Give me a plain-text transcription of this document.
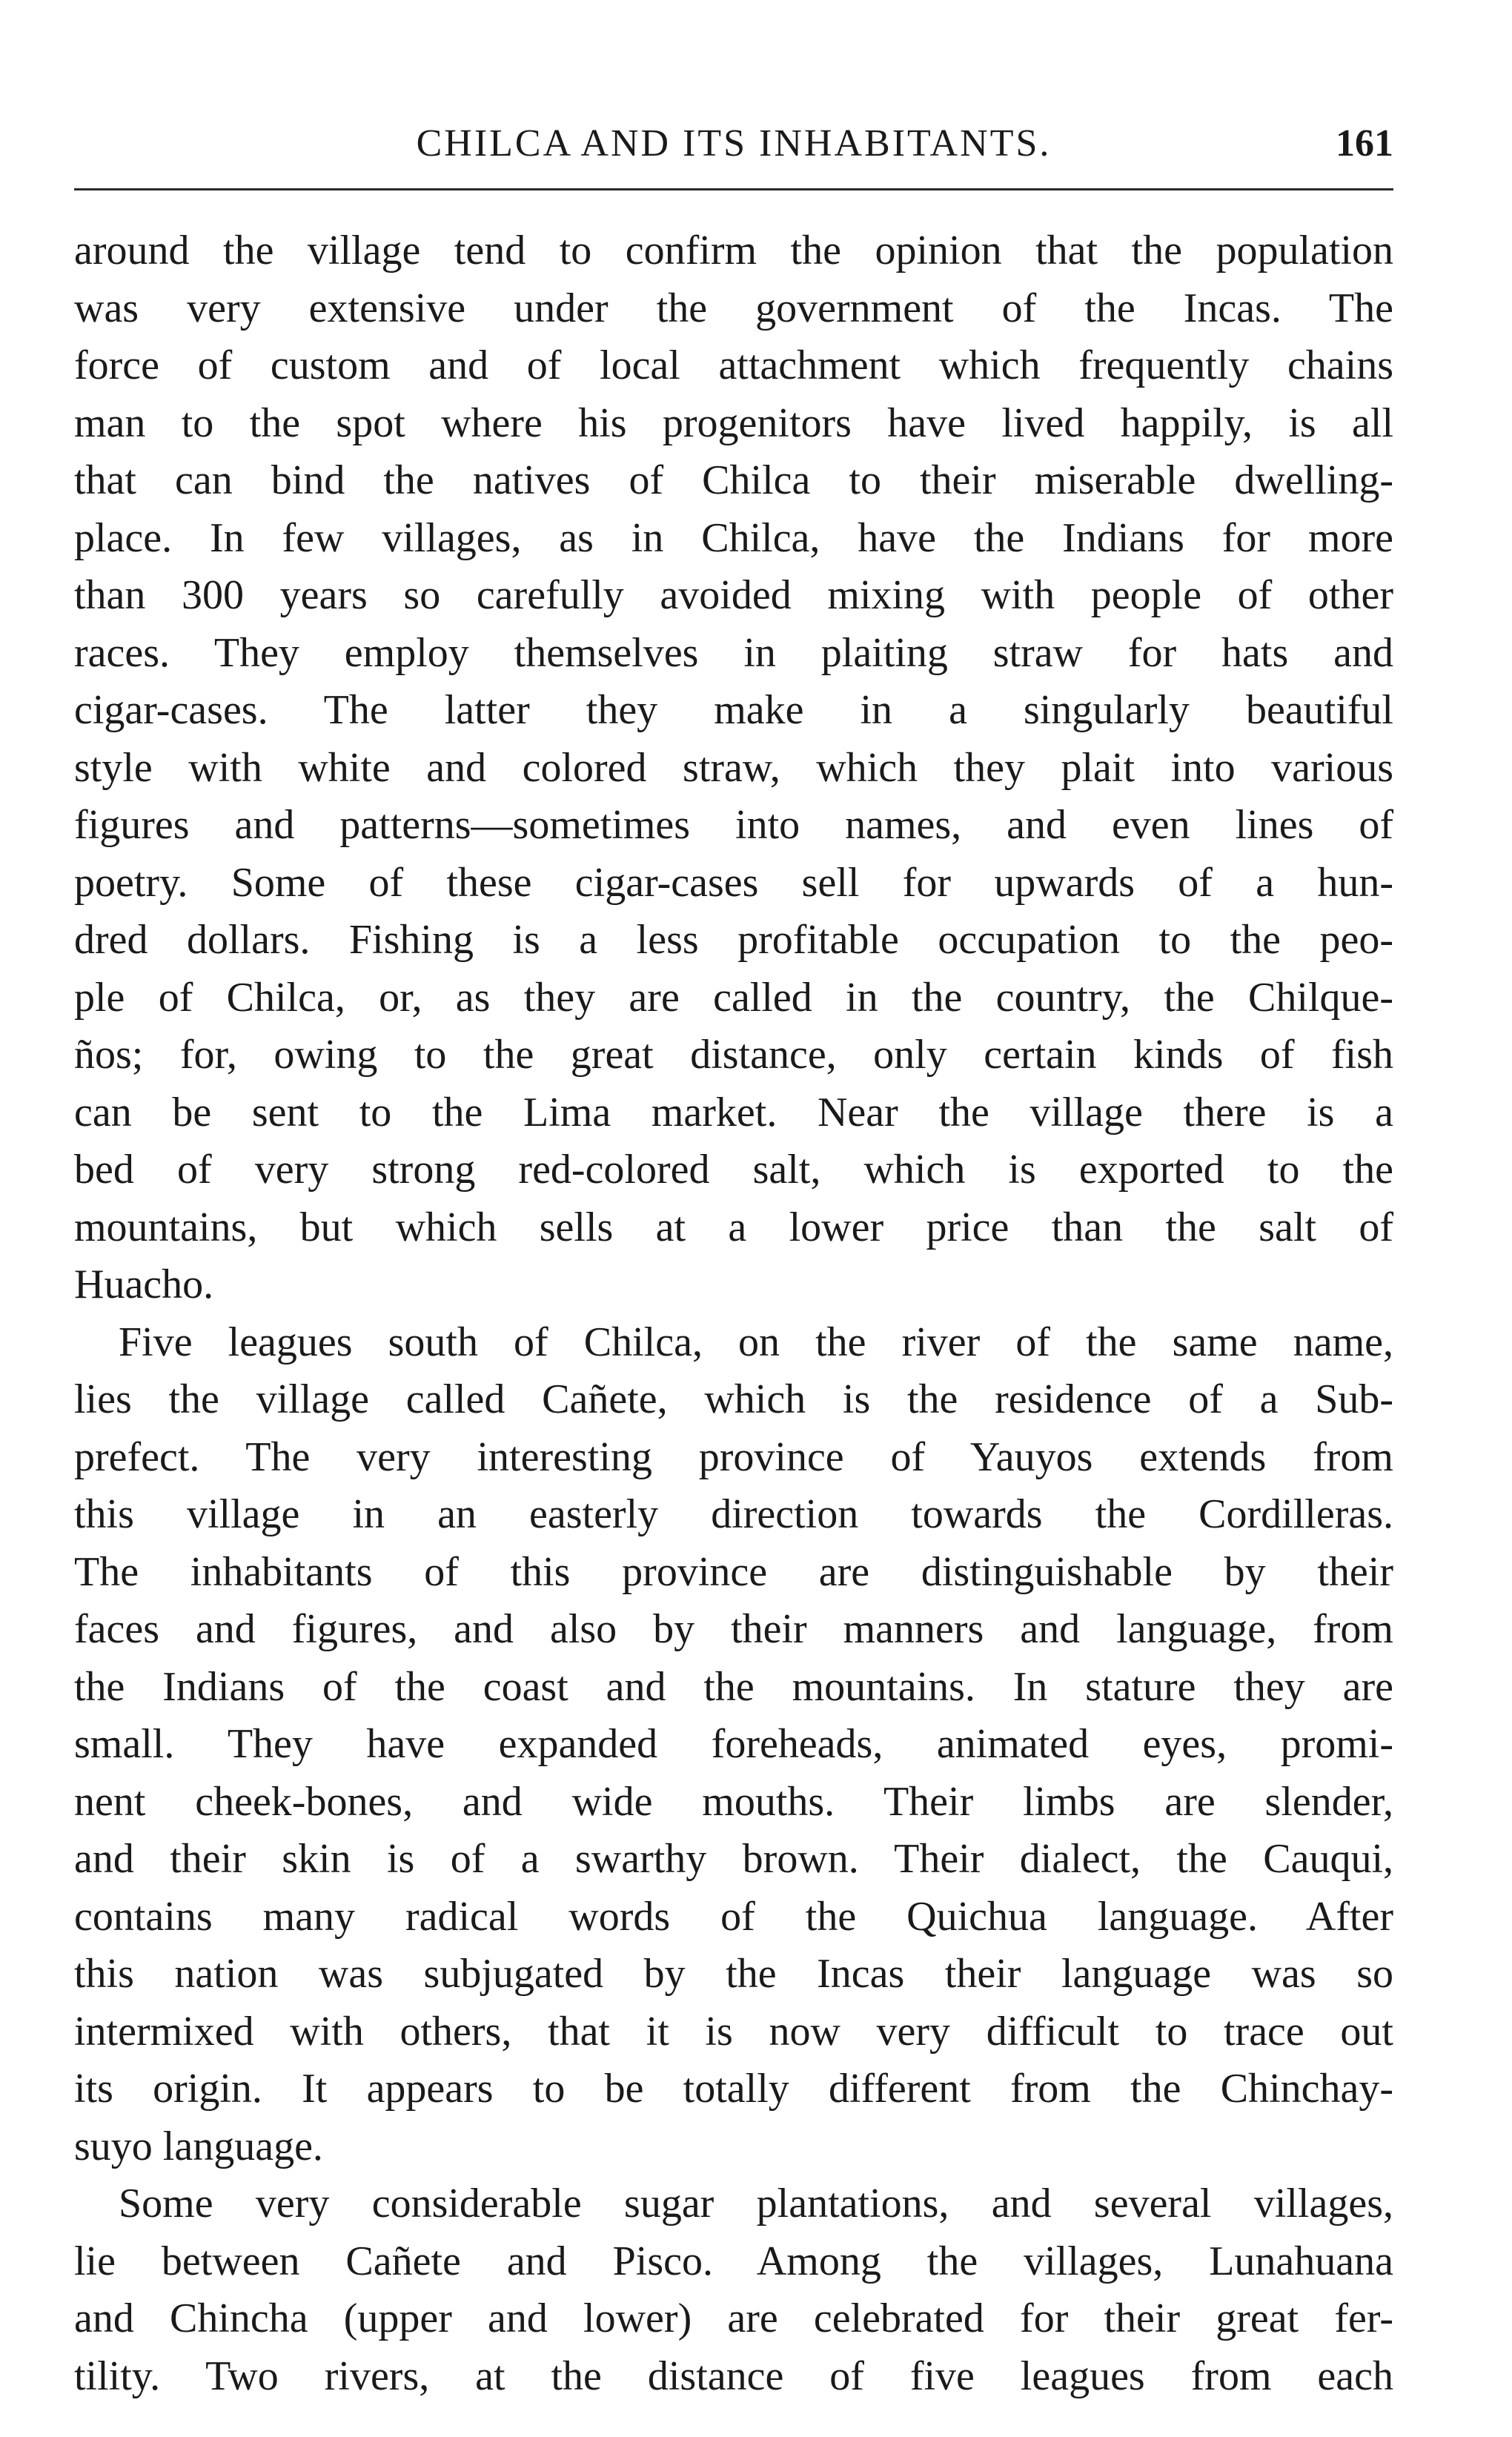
CHILCA AND ITS INHABITANTS.	161
around the village tend to confirm the opinion that the population
was very extensive under the government of the Incas. The
force of custom and of local attachment which frequently chains
man to the spot where his progenitors have lived happily, is all
that can bind the natives of Chilca to their miserable dwelling-
place. In few villages, as in Chilca, have the Indians for more
than 300 years so carefully avoided mixing with people of other
races. They employ themselves in plaiting straw for hats and
cigar-cases. The latter they make in a singularly beautiful
style with white and colored straw, which they plait into various
figures and patterns—sometimes into names, and even lines of
poetry. Some of these cigar-cases sell for upwards of a hun-
dred dollars. Fishing is a less profitable occupation to the peo-
ple of Chilca, or, as they are called in the country, the Chilque-
ños; for, owing to the great distance, only certain kinds of fish
can be sent to the Lima market. Near the village there is a
bed of very strong red-colored salt, which is exported to the
mountains, but which sells at a lower price than the salt of
Huacho.
Five leagues south of Chilca, on the river of the same name,
lies the village called Cañete, which is the residence of a Sub-
prefect. The very interesting province of Yauyos extends from
this village in an easterly direction towards the Cordilleras.
The inhabitants of this province are distinguishable by their
faces and figures, and also by their manners and language, from
the Indians of the coast and the mountains. In stature they are
small. They have expanded foreheads, animated eyes, promi-
nent cheek-bones, and wide mouths. Their limbs are slender,
and their skin is of a swarthy brown. Their dialect, the Cauqui,
contains many radical words of the Quichua language. After
this nation was subjugated by the Incas their language was so
intermixed with others, that it is now very difficult to trace out
its origin. It appears to be totally different from the Chinchay-
suyo language.
Some very considerable sugar plantations, and several villages,
lie between Cañete and Pisco. Among the villages, Lunahuana
and Chincha (upper and lower) are celebrated for their great fer-
tility. Two rivers, at the distance of five leagues from each
